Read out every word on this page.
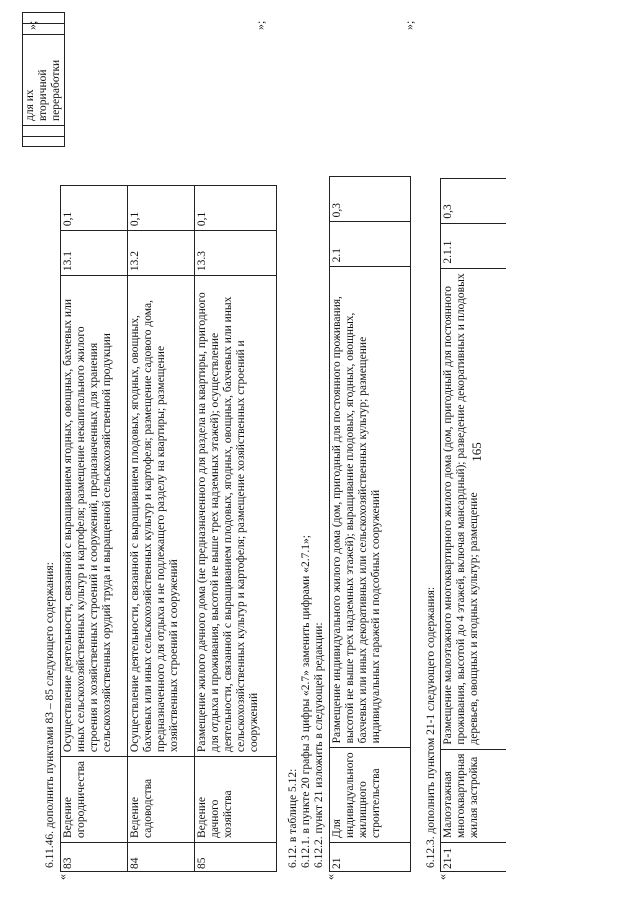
165
		для их вторичной переработки		
»;
6.11.46. дополнить пунктами 83 – 85 следующего содержания:
«
83	Ведение огородничества	Осуществление деятельности, связанной с выращиванием ягодных, овощных, бахчевых или иных сельскохозяйственных культур и картофеля; размещение некапитального жилого строения и хозяйственных строений и сооружений, предназначенных для хранения сельскохозяйственных орудий труда и выращенной сельскохозяйственной продукции	13.1	0,1
84	Ведение садоводства	Осуществление деятельности, связанной с выращиванием плодовых, ягодных, овощных, бахчевых или иных сельскохозяйственных культур и картофеля; размещение садового дома, предназначенного для отдыха и не подлежащего разделу на квартиры; размещение хозяйственных строений и сооружений	13.2	0,1
85	Ведение дачного хозяйства	Размещение жилого дачного дома (не предназначенного для раздела на квартиры, пригодного для отдыха и проживания, высотой не выше трех надземных этажей); осуществление деятельности, связанной с выращиванием плодовых, ягодных, овощных, бахчевых или иных сельскохозяйственных культур и картофеля; размещение хозяйственных строений и сооружений	13.3	0,1
»;
6.12. в таблице 5.12: 6.12.1. в пункте 20 графы 3 цифры «2.7» заменить цифрами «2.7.1»; 6.12.2. пункт 21 изложить в следующей редакции:
«
21	Для индивидуального жилищного строительства	Размещение индивидуального жилого дома (дом, пригодный для постоянного проживания, высотой не выше трех надземных этажей); выращивание плодовых, ягодных, овощных, бахчевых или иных декоративных или сельскохозяйственных культур; размещение индивидуальных гаражей и подсобных сооружений	2.1	0,3
»;
6.12.3. дополнить пунктом 21-1 следующего содержания:
«
21-1	Малоэтажная многоквартирная жилая застройка	Размещение малоэтажного многоквартирного жилого дома (дом, пригодный для постоянного проживания, высотой до 4 этажей, включая мансардный); разведение декоративных и плодовых деревьев, овощных и ягодных культур; размещение	2.1.1	0,3
